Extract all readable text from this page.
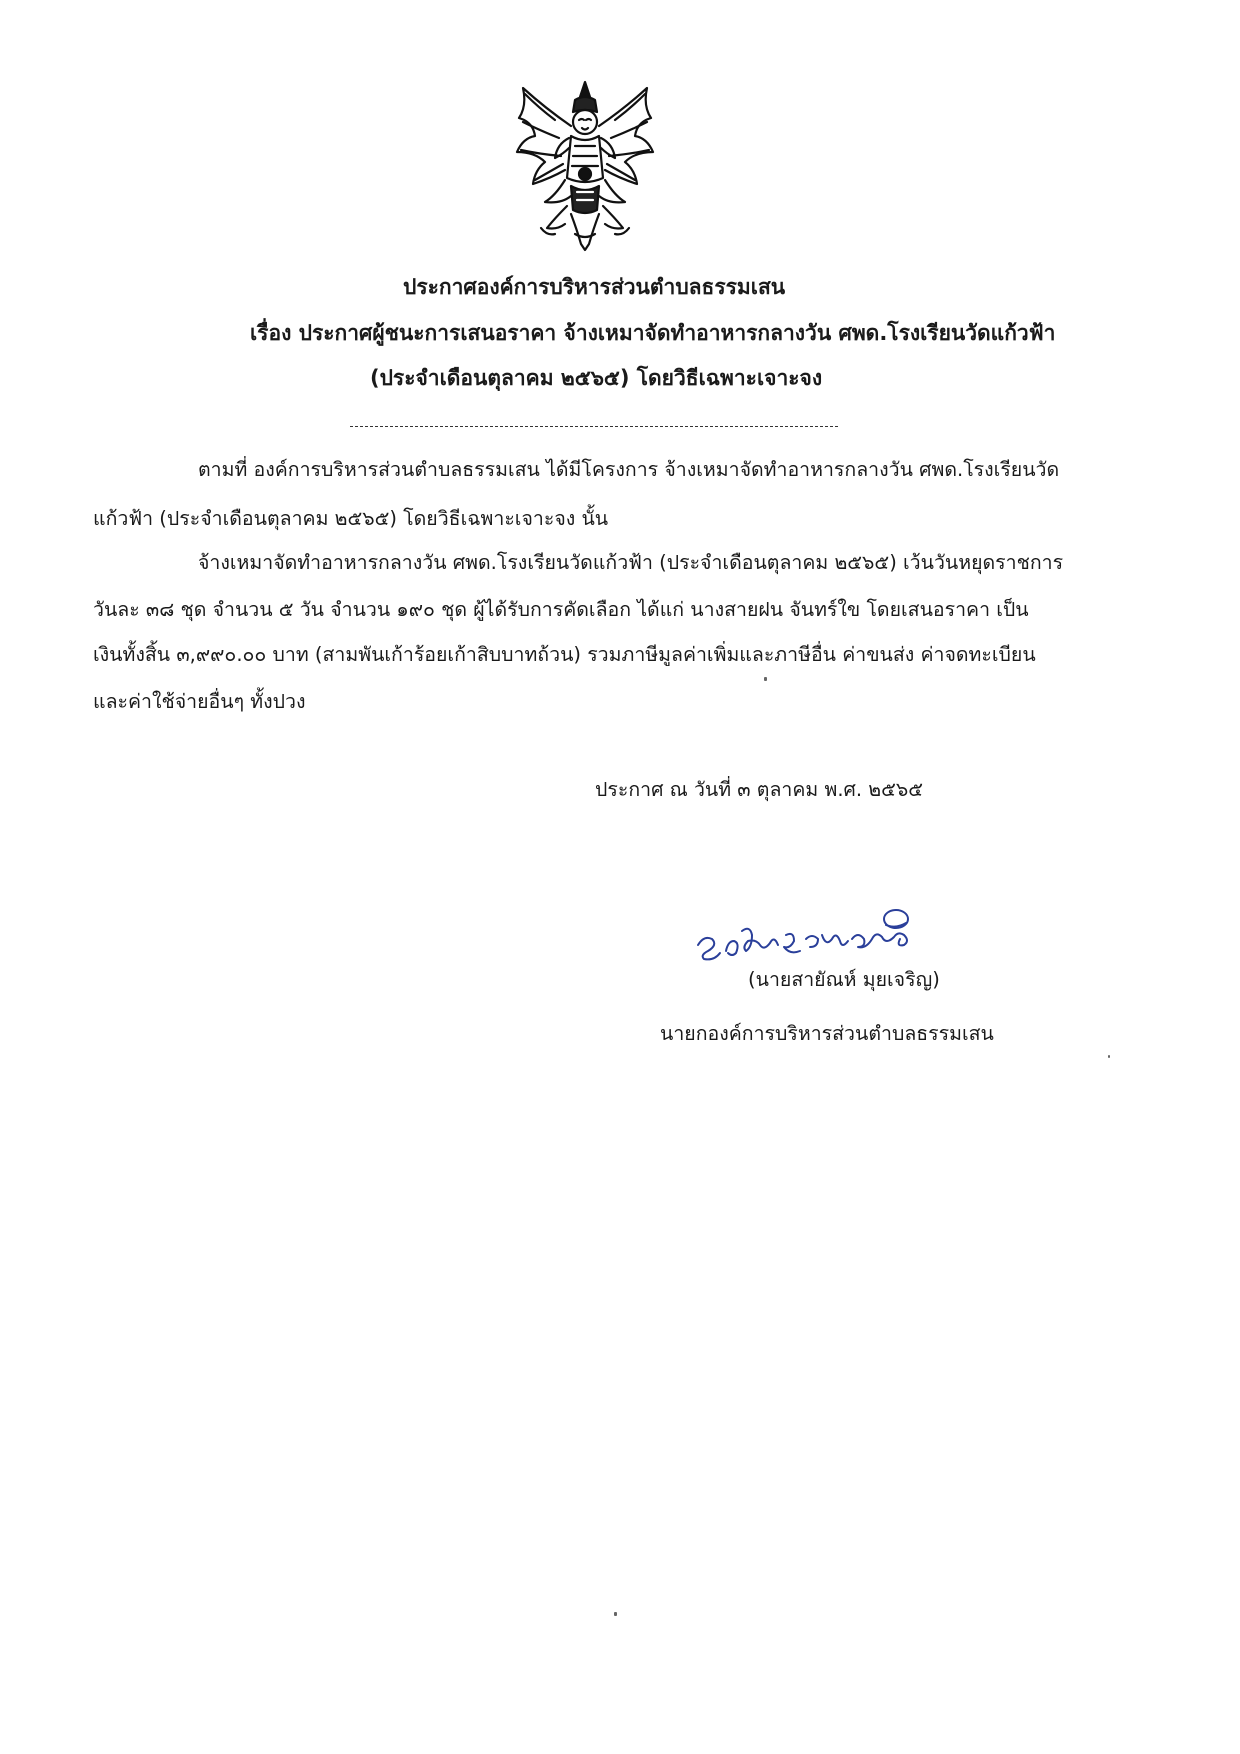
ประกาศองค์การบริหารส่วนตำบลธรรมเสน
เรื่อง ประกาศผู้ชนะการเสนอราคา จ้างเหมาจัดทำอาหารกลางวัน ศพด.โรงเรียนวัดแก้วฟ้า
(ประจำเดือนตุลาคม ๒๕๖๕) โดยวิธีเฉพาะเจาะจง
ตามที่ องค์การบริหารส่วนตำบลธรรมเสน ได้มีโครงการ จ้างเหมาจัดทำอาหารกลางวัน ศพด.โรงเรียนวัด
แก้วฟ้า (ประจำเดือนตุลาคม ๒๕๖๕) โดยวิธีเฉพาะเจาะจง นั้น
จ้างเหมาจัดทำอาหารกลางวัน ศพด.โรงเรียนวัดแก้วฟ้า (ประจำเดือนตุลาคม ๒๕๖๕) เว้นวันหยุดราชการ
วันละ ๓๘ ชุด จำนวน ๕ วัน จำนวน ๑๙๐ ชุด ผู้ได้รับการคัดเลือก ได้แก่ นางสายฝน จันทร์ใข โดยเสนอราคา เป็น
เงินทั้งสิ้น ๓,๙๙๐.๐๐ บาท (สามพันเก้าร้อยเก้าสิบบาทถ้วน) รวมภาษีมูลค่าเพิ่มและภาษีอื่น ค่าขนส่ง ค่าจดทะเบียน
และค่าใช้จ่ายอื่นๆ ทั้งปวง
ประกาศ ณ วันที่ ๓ ตุลาคม พ.ศ. ๒๕๖๕
(นายสายัณห์ มุยเจริญ)
นายกองค์การบริหารส่วนตำบลธรรมเสน
